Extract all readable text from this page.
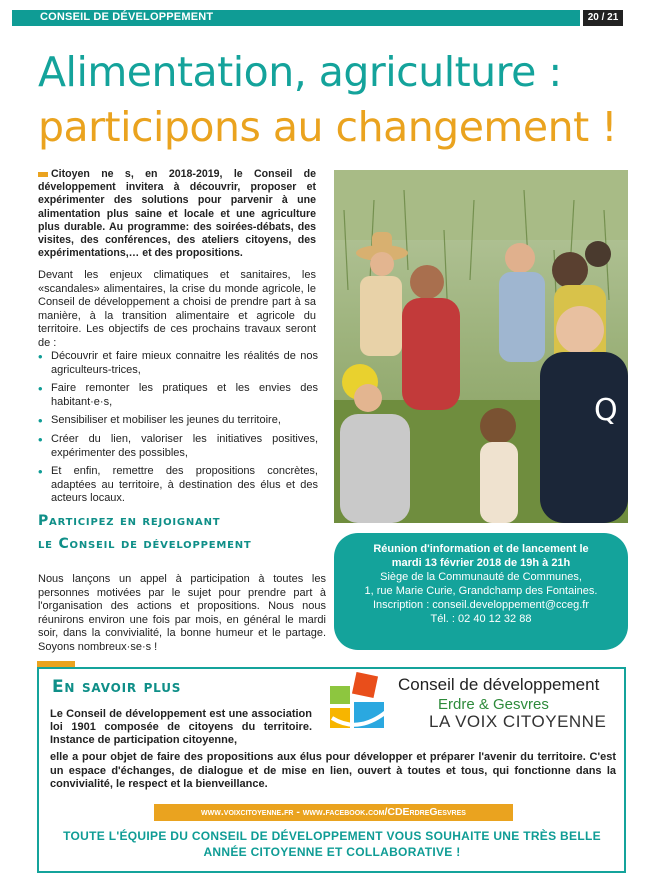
CONSEIL DE DÉVELOPPEMENT	20 / 21
Alimentation, agriculture :
participons au changement !
Citoyen ne s, en 2018-2019, le Conseil de développement invitera à découvrir, proposer et expérimenter des solutions pour parvenir à une alimentation plus saine et locale et une agriculture plus durable. Au programme: des soirées-débats, des visites, des conférences, des ateliers citoyens, des expérimentations,… et des propositions.
Devant les enjeux climatiques et sanitaires, les «scandales» alimentaires, la crise du monde agricole, le Conseil de développement a choisi de prendre part à sa manière, à la transition alimentaire et agricole du territoire. Les objectifs de ces prochains travaux seront de :
• Découvrir et faire mieux connaitre les réalités de nos agriculteurs-trices,
• Faire remonter les pratiques et les envies des habitant·e·s,
• Sensibiliser et mobiliser les jeunes du territoire,
• Créer du lien, valoriser les initiatives positives, expérimenter des possibles,
• Et enfin, remettre des propositions concrètes, adaptées au territoire, à destination des élus et des acteurs locaux.
Q
Participez en rejoignant
le Conseil de développement
Nous lançons un appel à participation à toutes les personnes motivées par le sujet pour prendre part à l'organisation des actions et propositions. Nous nous réunirons environ une fois par mois, en général le mardi soir, dans la convivialité, la bonne humeur et le partage. Soyons nombreux·se·s !
Réunion d'information et de lancement le
mardi 13 février 2018 de 19h à 21h
Siège de la Communauté de Communes,
1, rue Marie Curie, Grandchamp des Fontaines.
Inscription : conseil.developpement@cceg.fr
Tél. : 02 40 12 32 88
En savoir plus	Conseil de développement
Erdre & Gesvres
LA VOIX CITOYENNE
Le Conseil de développement est une association loi 1901 composée de citoyens du territoire. Instance de participation citoyenne,
elle a pour objet de faire des propositions aux élus pour développer et préparer l'avenir du territoire. C'est un espace d'échanges, de dialogue et de mise en lien, ouvert à toutes et tous, qui fonctionne dans la convivialité, le respect et la bienveillance.
www.voixcitoyenne.fr - www.facebook.com/CDErdreGesvres
TOUTE L'ÉQUIPE DU CONSEIL DE DÉVELOPPEMENT VOUS SOUHAITE UNE TRÈS BELLE
ANNÉE CITOYENNE ET COLLABORATIVE !
